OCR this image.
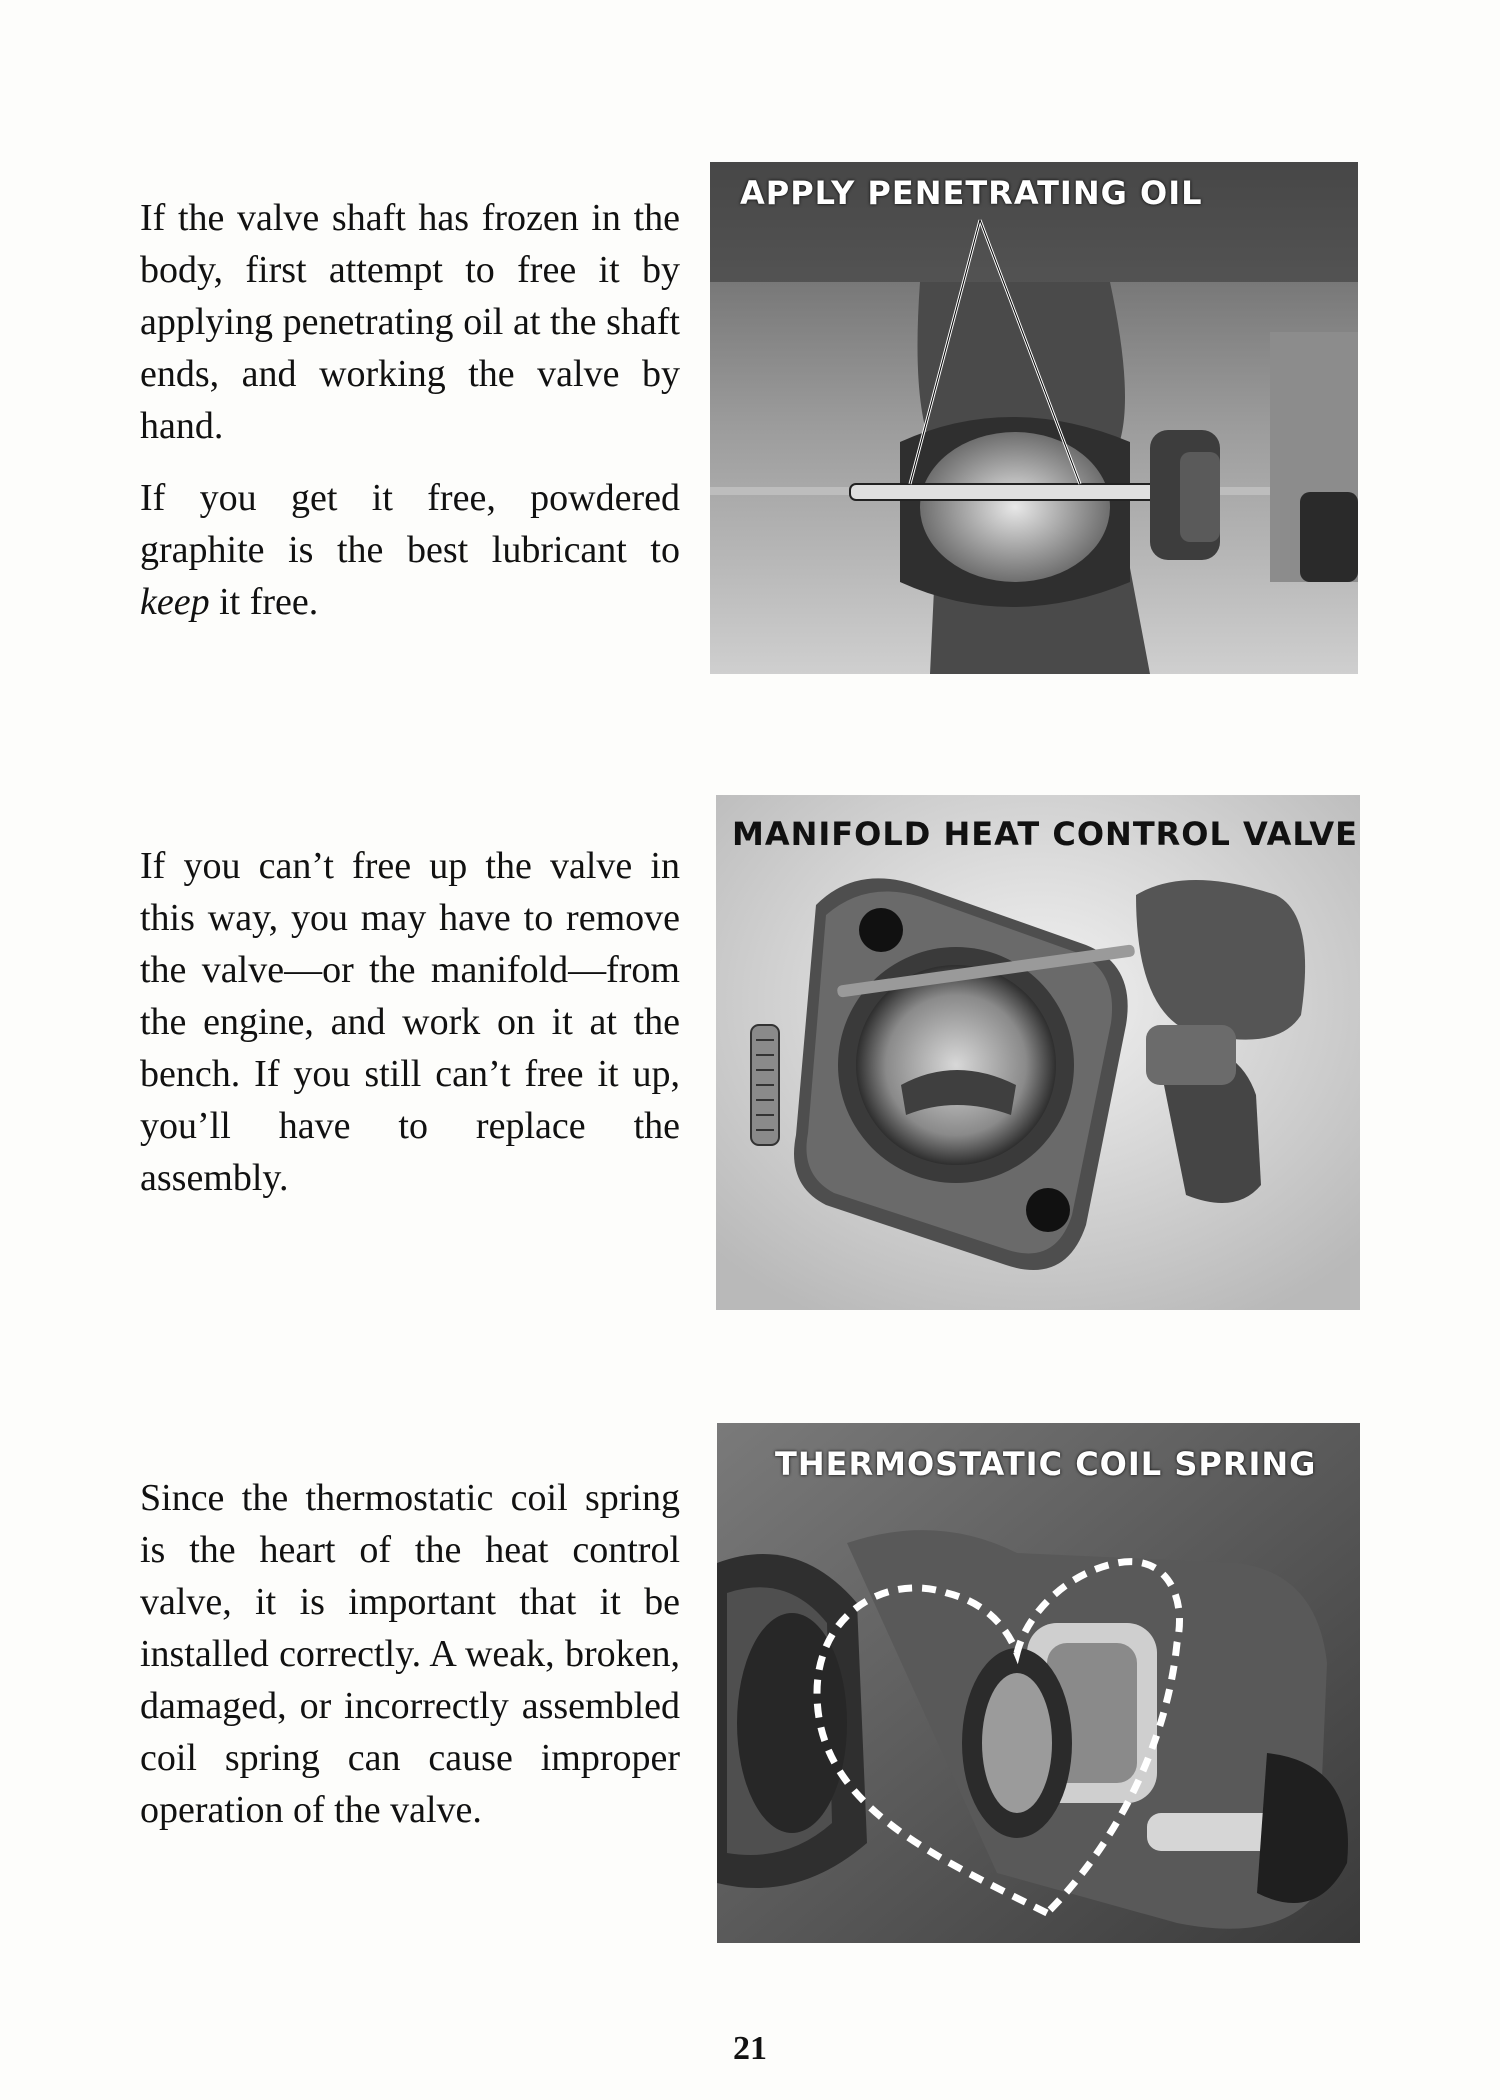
If the valve shaft has frozen in the body, first attempt to free it by applying penetrating oil at the shaft ends, and working the valve by hand.

If you get it free, powdered graphite is the best lubricant to keep it free.

APPLY PENETRATING OIL

If you can’t free up the valve in this way, you may have to remove the valve—or the manifold—from the engine, and work on it at the bench. If you still can’t free it up, you’ll have to replace the assembly.

MANIFOLD HEAT CONTROL VALVE

Since the thermostatic coil spring is the heart of the heat control valve, it is important that it be installed correctly. A weak, broken, damaged, or incorrectly assembled coil spring can cause improper operation of the valve.

THERMOSTATIC COIL SPRING
21
